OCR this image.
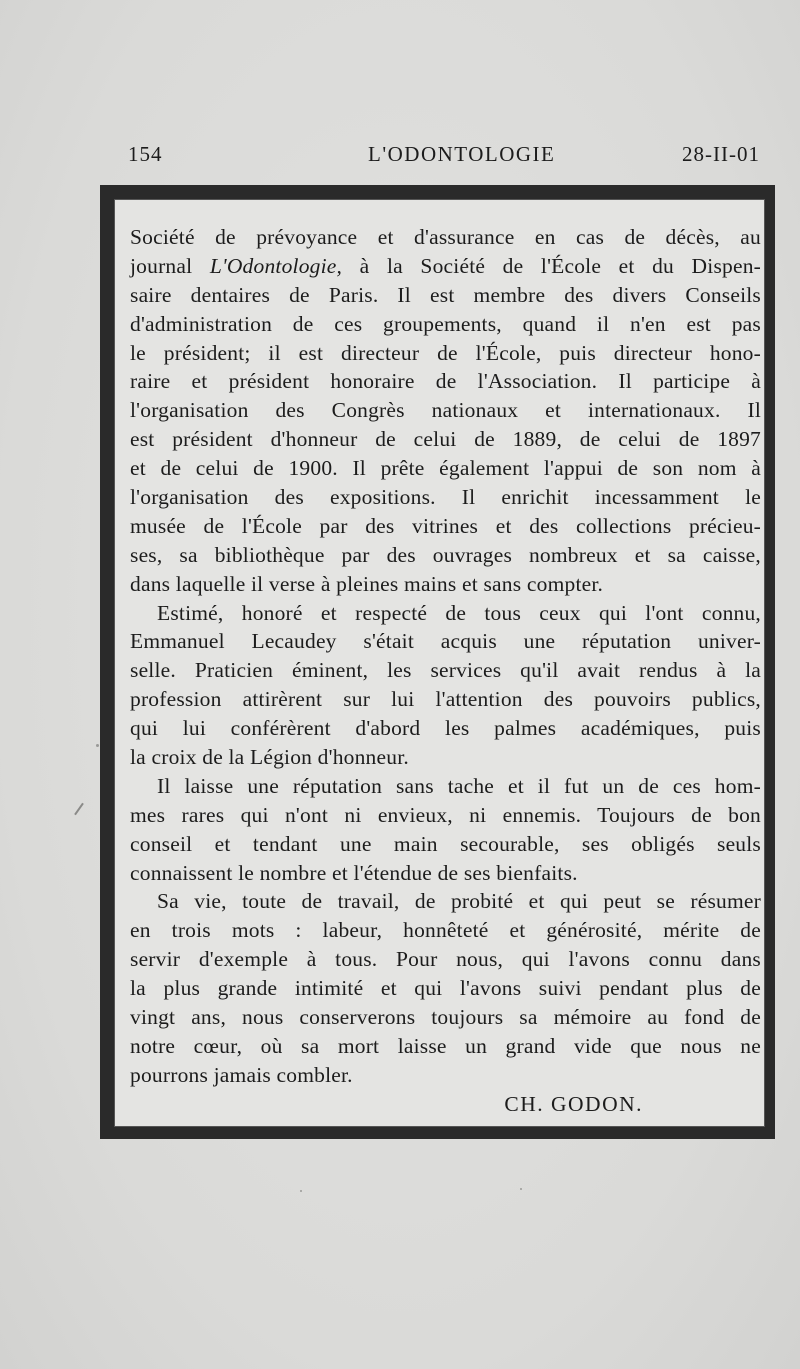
154	L'ODONTOLOGIE	28-II-01
Société de prévoyance et d'assurance en cas de décès, au
journal L'Odontologie, à la Société de l'École et du Dispen-
saire dentaires de Paris. Il est membre des divers Conseils
d'administration de ces groupements, quand il n'en est pas
le président; il est directeur de l'École, puis directeur hono-
raire et président honoraire de l'Association. Il participe à
l'organisation des Congrès nationaux et internationaux. Il
est président d'honneur de celui de 1889, de celui de 1897
et de celui de 1900. Il prête également l'appui de son nom à
l'organisation des expositions. Il enrichit incessamment le
musée de l'École par des vitrines et des collections précieu-
ses, sa bibliothèque par des ouvrages nombreux et sa caisse,
dans laquelle il verse à pleines mains et sans compter.
Estimé, honoré et respecté de tous ceux qui l'ont connu,
Emmanuel Lecaudey s'était acquis une réputation univer-
selle. Praticien éminent, les services qu'il avait rendus à la
profession attirèrent sur lui l'attention des pouvoirs publics,
qui lui conférèrent d'abord les palmes académiques, puis
la croix de la Légion d'honneur.
Il laisse une réputation sans tache et il fut un de ces hom-
mes rares qui n'ont ni envieux, ni ennemis. Toujours de bon
conseil et tendant une main secourable, ses obligés seuls
connaissent le nombre et l'étendue de ses bienfaits.
Sa vie, toute de travail, de probité et qui peut se résumer
en trois mots : labeur, honnêteté et générosité, mérite de
servir d'exemple à tous. Pour nous, qui l'avons connu dans
la plus grande intimité et qui l'avons suivi pendant plus de
vingt ans, nous conserverons toujours sa mémoire au fond de
notre cœur, où sa mort laisse un grand vide que nous ne
pourrons jamais combler.
CH. GODON.
